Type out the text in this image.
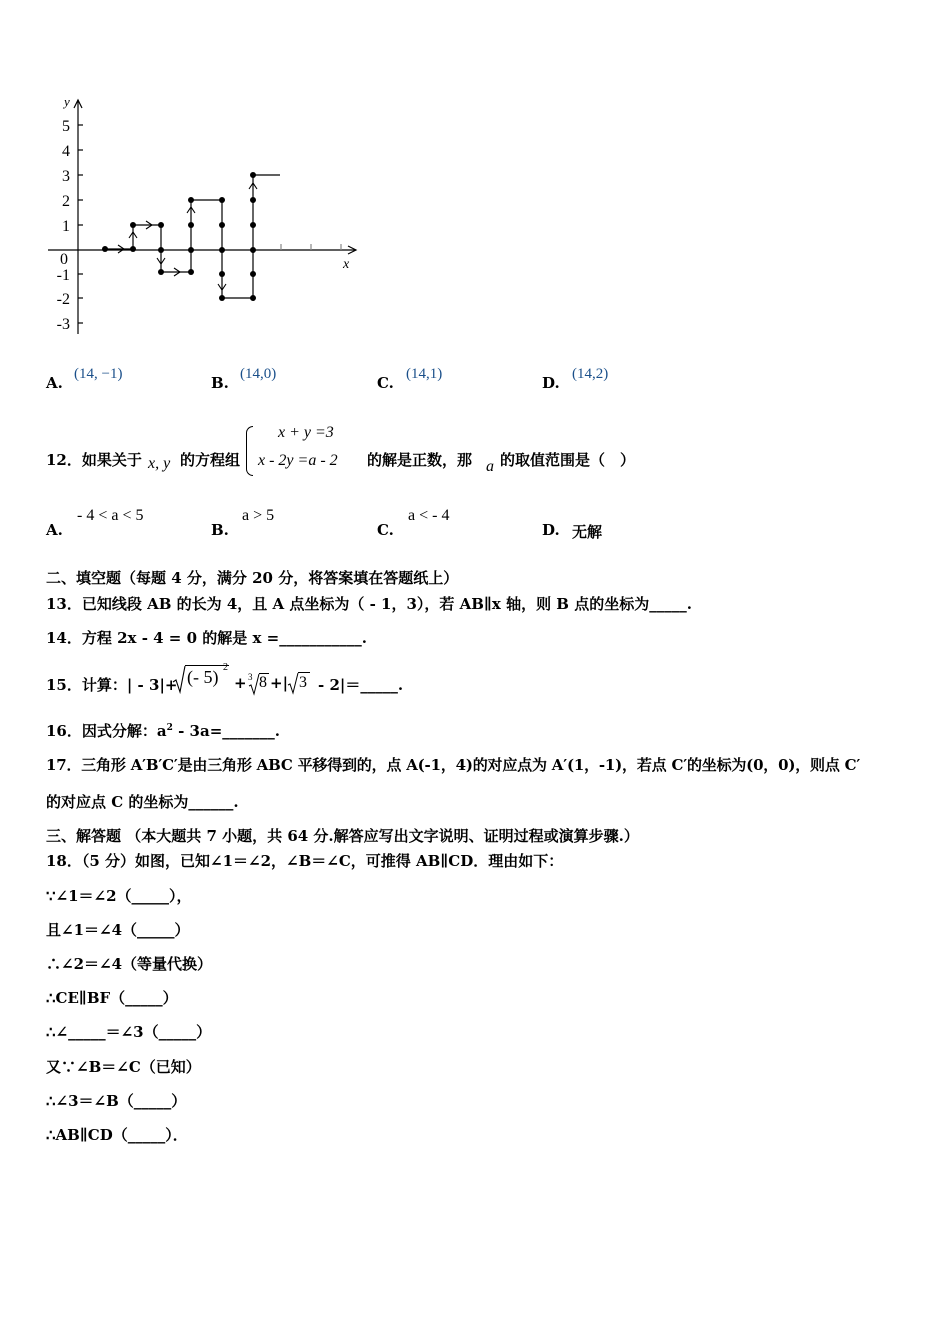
y
x
0
5
4
3
2
1
-1
-2
-3
A. (14, −1)	B. (14,0)	C. (14,1)	D. (14,2)
12．如果关于 x, y 的方程组
x + y =3
x - 2y =a - 2 的解是正数，那 a 的取值范围是（　）
A.
- 4 < a < 5
B.
a > 5
C.
a < - 4
D. 无解
二、填空题（每题 4 分，满分 20 分，将答案填在答题纸上）
13．已知线段 AB 的长为 4，且 A 点坐标为（ - 1，3），若 AB∥x 轴，则 B 点的坐标为_____.
14．方程 2x - 4 = 0 的解是 x =___________.
15．计算：| - 3|+ (- 5) 2
+ 3 8 +| 3 - 2|＝_____.
16．因式分解：$a^2$ - 3a=_______.
17．三角形 A′B′C′是由三角形 ABC 平移得到的，点 A(-1，4)的对应点为 A′(1，-1)，若点 C′的坐标为(0，0)，则点 C′
的对应点 C 的坐标为______.
三、解答题 （本大题共 7 小题，共 64 分.解答应写出文字说明、证明过程或演算步骤.）
18．（5 分）如图，已知∠1＝∠2，∠B＝∠C，可推得 AB∥CD．理由如下：
∵∠1＝∠2（_____），
且∠1＝∠4（_____）
∴∠2＝∠4（等量代换）
∴CE∥BF（_____）
∴∠_____＝∠3（_____）
又∵∠B＝∠C（已知）
∴∠3＝∠B（_____）
∴AB∥CD（_____）．
